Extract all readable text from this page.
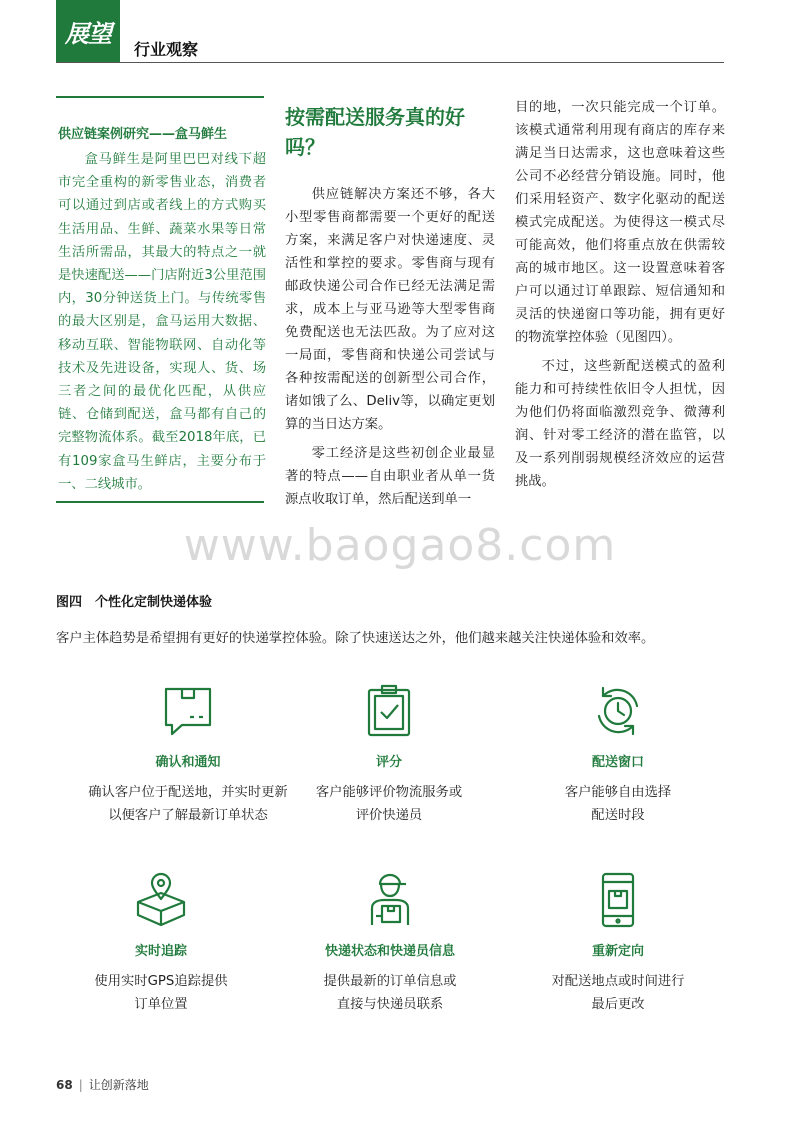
展望
行业观察
供应链案例研究——盒马鲜生
盒马鲜生是阿里巴巴对线下超市完全重构的新零售业态，消费者可以通过到店或者线上的方式购买生活用品、生鲜、蔬菜水果等日常生活所需品，其最大的特点之一就是快速配送——门店附近3公里范围内，30分钟送货上门。与传统零售的最大区别是，盒马运用大数据、移动互联、智能物联网、自动化等技术及先进设备，实现人、货、场三者之间的最优化匹配，从供应链、仓储到配送，盒马都有自己的完整物流体系。截至2018年底，已有109家盒马生鲜店，主要分布于一、二线城市。
按需配送服务真的好吗？

供应链解决方案还不够，各大小型零售商都需要一个更好的配送方案，来满足客户对快递速度、灵活性和掌控的要求。零售商与现有邮政快递公司合作已经无法满足需求，成本上与亚马逊等大型零售商免费配送也无法匹敌。为了应对这一局面，零售商和快递公司尝试与各种按需配送的创新型公司合作，诸如饿了么、Deliv等，以确定更划算的当日达方案。

零工经济是这些初创企业最显著的特点——自由职业者从单一货源点收取订单，然后配送到单一

目的地，一次只能完成一个订单。该模式通常利用现有商店的库存来满足当日达需求，这也意味着这些公司不必经营分销设施。同时，他们采用轻资产、数字化驱动的配送模式完成配送。为使得这一模式尽可能高效，他们将重点放在供需较高的城市地区。这一设置意味着客户可以通过订单跟踪、短信通知和灵活的快递窗口等功能，拥有更好的物流掌控体验（见图四）。

不过，这些新配送模式的盈利能力和可持续性依旧令人担忧，因为他们仍将面临激烈竞争、微薄利润、针对零工经济的潜在监管，以及一系列削弱规模经济效应的运营挑战。

www.baogao8.com
图四　个性化定制快递体验
客户主体趋势是希望拥有更好的快递掌控体验。除了快速送达之外，他们越来越关注快递体验和效率。
确认和通知
确认客户位于配送地，并实时更新
以便客户了解最新订单状态
评分
客户能够评价物流服务或
评价快递员
配送窗口
客户能够自由选择
配送时段
实时追踪
使用实时GPS追踪提供
订单位置
快递状态和快递员信息
提供最新的订单信息或
直接与快递员联系
重新定向
对配送地点或时间进行
最后更改
68 | 让创新落地
